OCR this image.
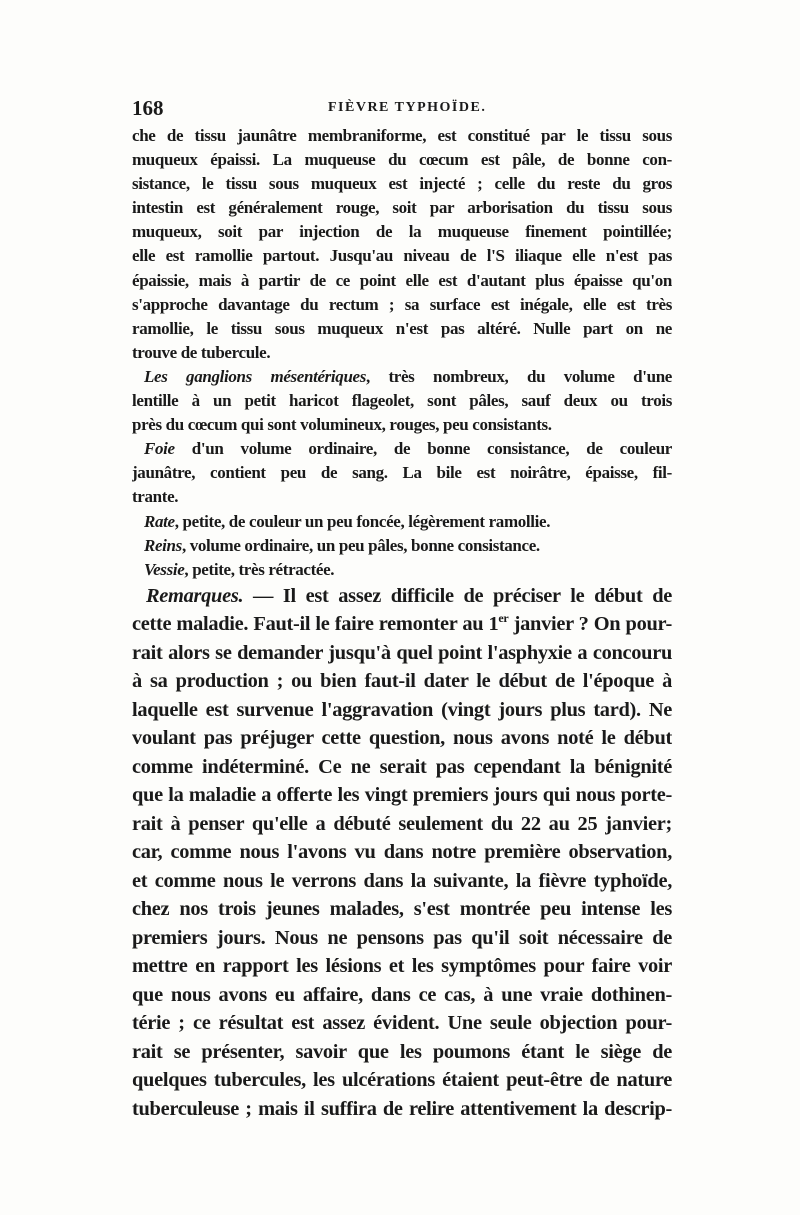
168	FIÈVRE TYPHOÏDE.
che de tissu jaunâtre membraniforme, est constitué par le tissu sous
muqueux épaissi. La muqueuse du cœcum est pâle, de bonne con-
sistance, le tissu sous muqueux est injecté ; celle du reste du gros
intestin est généralement rouge, soit par arborisation du tissu sous
muqueux, soit par injection de la muqueuse finement pointillée;
elle est ramollie partout. Jusqu'au niveau de l'S iliaque elle n'est pas
épaissie, mais à partir de ce point elle est d'autant plus épaisse qu'on
s'approche davantage du rectum ; sa surface est inégale, elle est très
ramollie, le tissu sous muqueux n'est pas altéré. Nulle part on ne
trouve de tubercule.
Les ganglions mésentériques, très nombreux, du volume d'une
lentille à un petit haricot flageolet, sont pâles, sauf deux ou trois
près du cœcum qui sont volumineux, rouges, peu consistants.
Foie d'un volume ordinaire, de bonne consistance, de couleur
jaunâtre, contient peu de sang. La bile est noirâtre, épaisse, fil-
trante.
Rate, petite, de couleur un peu foncée, légèrement ramollie.
Reins, volume ordinaire, un peu pâles, bonne consistance.
Vessie, petite, très rétractée.
Remarques. — Il est assez difficile de préciser le début de
cette maladie. Faut-il le faire remonter au 1er janvier ? On pour-
rait alors se demander jusqu'à quel point l'asphyxie a concouru
à sa production ; ou bien faut-il dater le début de l'époque à
laquelle est survenue l'aggravation (vingt jours plus tard). Ne
voulant pas préjuger cette question, nous avons noté le début
comme indéterminé. Ce ne serait pas cependant la bénignité
que la maladie a offerte les vingt premiers jours qui nous porte-
rait à penser qu'elle a débuté seulement du 22 au 25 janvier;
car, comme nous l'avons vu dans notre première observation,
et comme nous le verrons dans la suivante, la fièvre typhoïde,
chez nos trois jeunes malades, s'est montrée peu intense les
premiers jours. Nous ne pensons pas qu'il soit nécessaire de
mettre en rapport les lésions et les symptômes pour faire voir
que nous avons eu affaire, dans ce cas, à une vraie dothinen-
térie ; ce résultat est assez évident. Une seule objection pour-
rait se présenter, savoir que les poumons étant le siège de
quelques tubercules, les ulcérations étaient peut-être de nature
tuberculeuse ; mais il suffira de relire attentivement la descrip-
